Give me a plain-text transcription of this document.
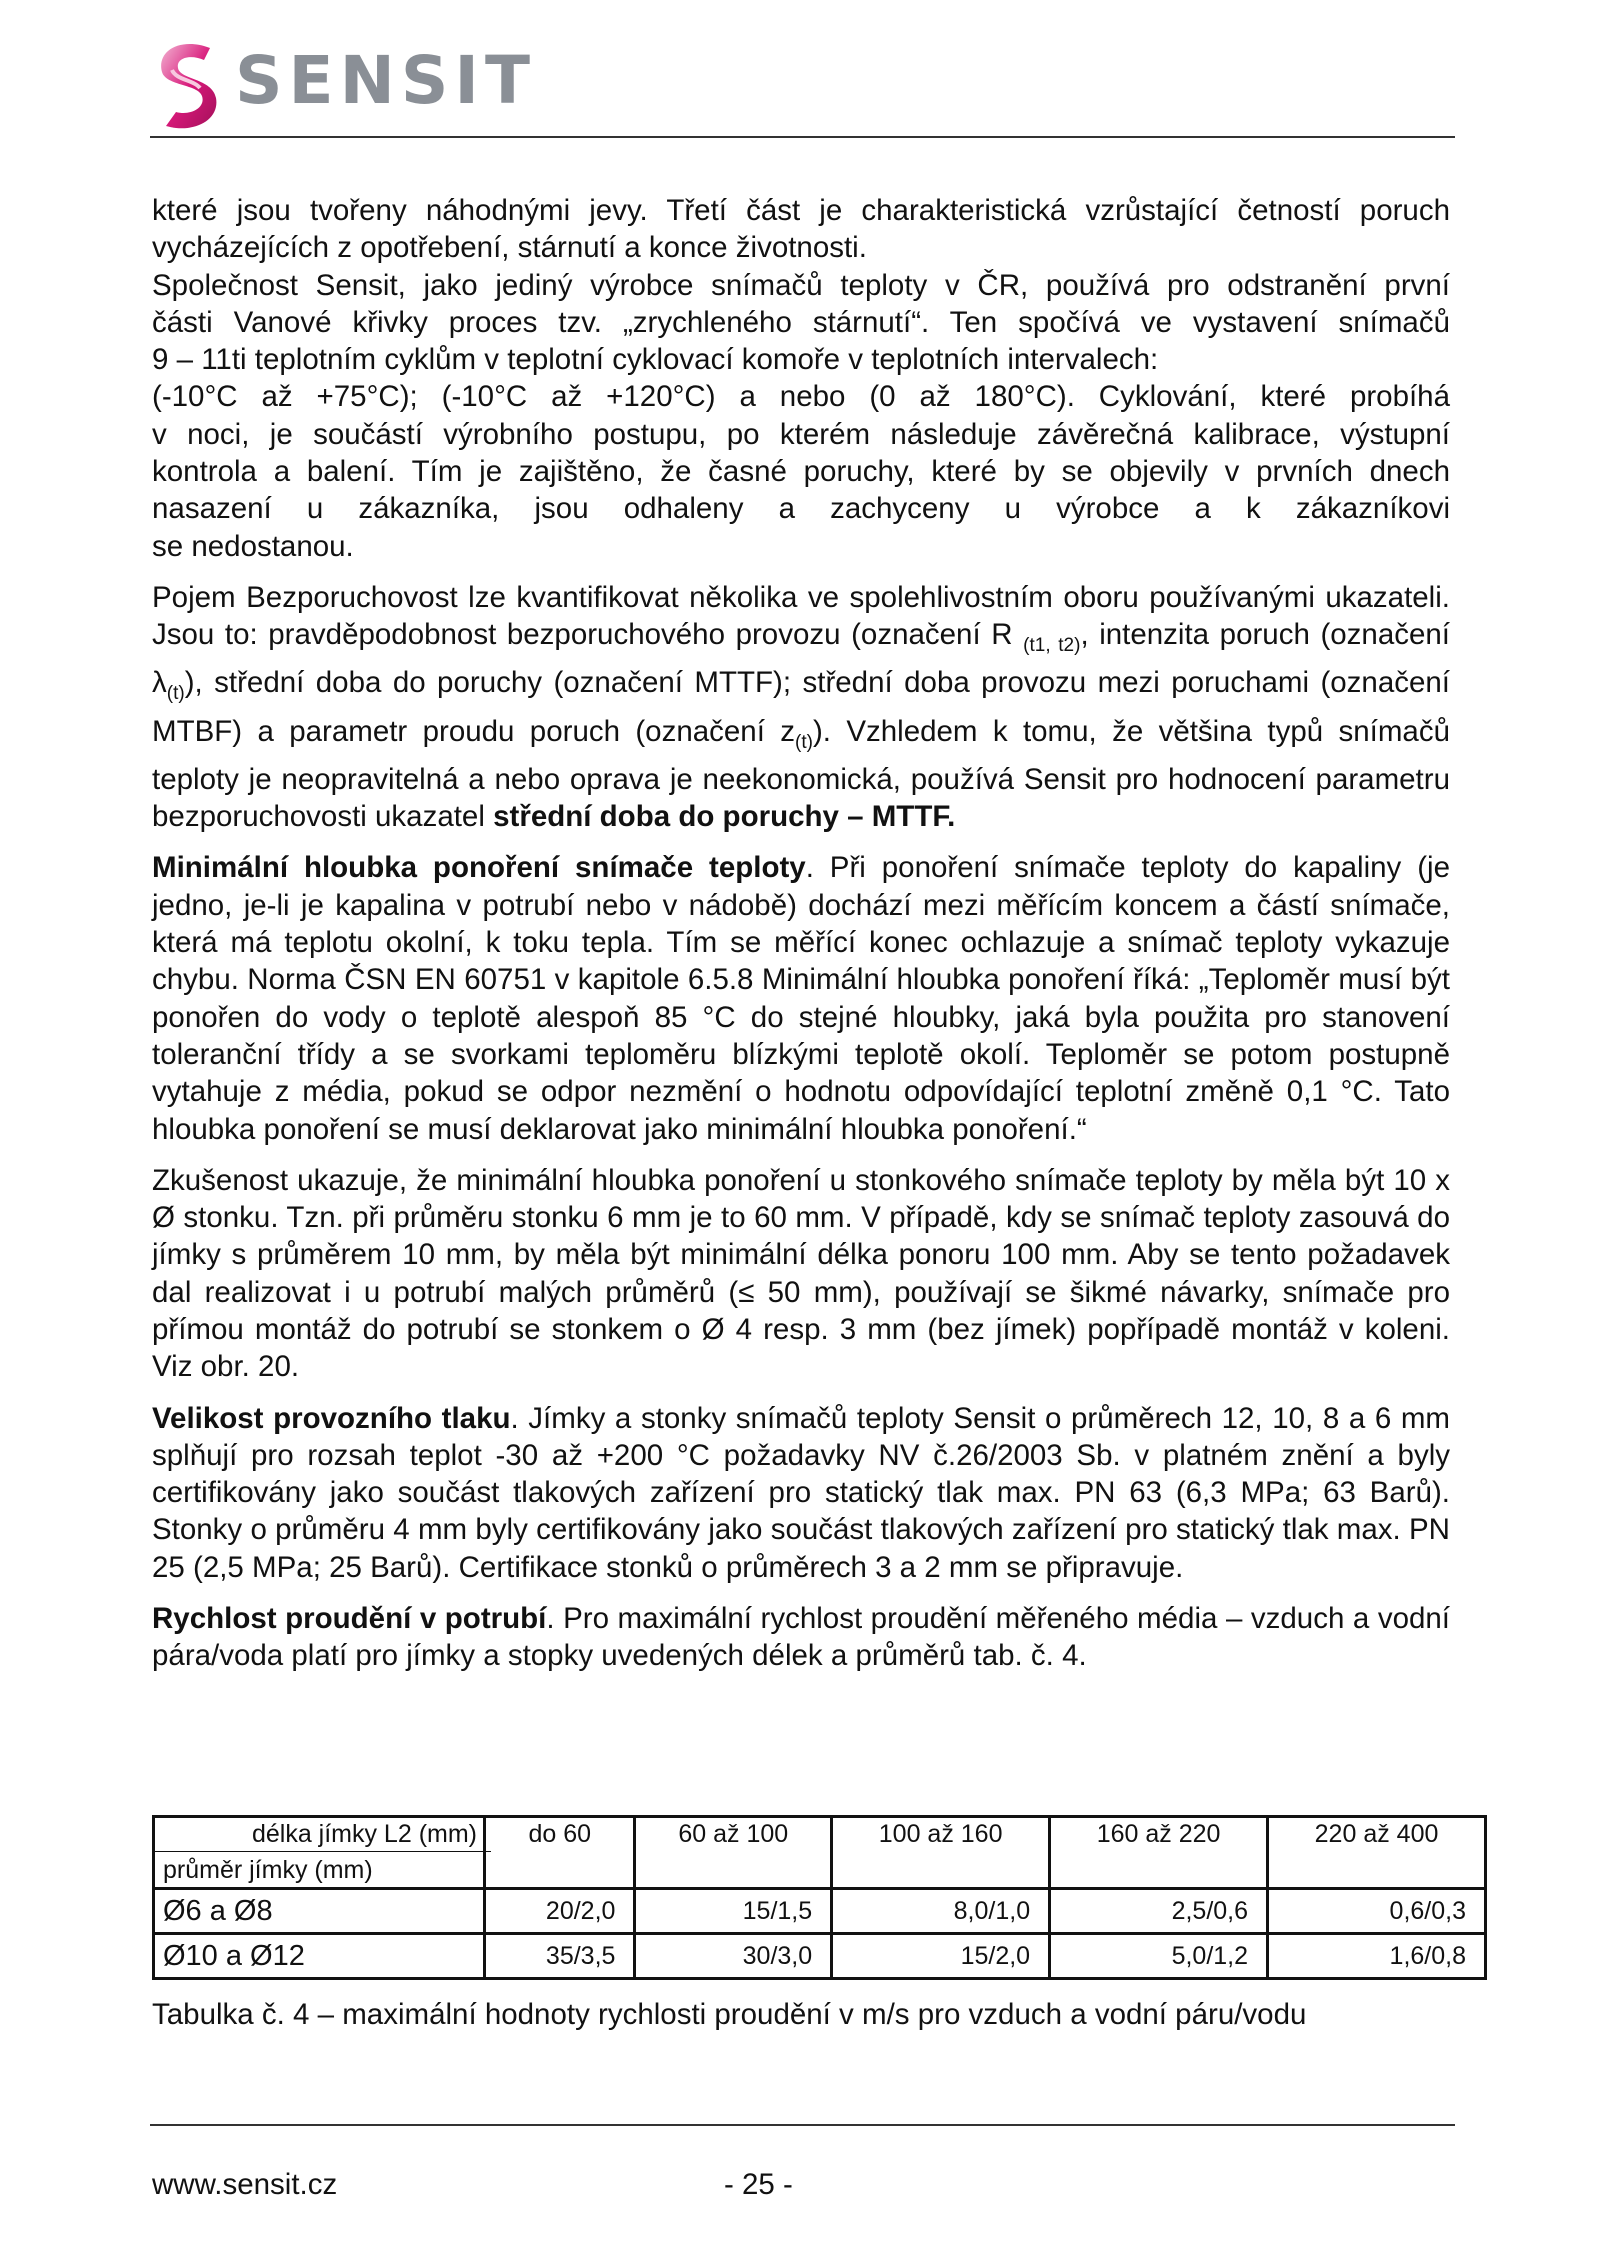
SENSIT

které jsou tvořeny náhodnými jevy. Třetí část je charakteristická vzrůstající četností poruch
vycházejících z opotřebení, stárnutí a konce životnosti.
Společnost Sensit, jako jediný výrobce snímačů teploty v ČR, používá pro odstranění první
části Vanové křivky proces tzv. „zrychleného stárnutí“. Ten spočívá ve vystavení snímačů
9 – 11ti teplotním cyklům v teplotní cyklovací komoře v teplotních intervalech:
(-10°C až +75°C); (-10°C až +120°C) a nebo (0 až 180°C). Cyklování, které probíhá
v noci, je součástí výrobního postupu, po kterém následuje závěrečná kalibrace, výstupní
kontrola a balení. Tím je zajištěno, že časné poruchy, které by se objevily v prvních dnech
nasazení u zákazníka, jsou odhaleny a zachyceny u výrobce a k zákazníkovi
se nedostanou.

Pojem Bezporuchovost lze kvantifikovat několika ve spolehlivostním oboru používanými ukazateli. Jsou to: pravděpodobnost bezporuchového provozu (označení R $_{(t1, t2)}$, intenzita poruch (označení $\lambda_{(t)}$), střední doba do poruchy (označení MTTF); střední doba provozu mezi poruchami (označení MTBF) a parametr proudu poruch (označení $z_{(t)}$). Vzhledem k tomu, že většina typů snímačů teploty je neopravitelná a nebo oprava je neekonomická, používá Sensit pro hodnocení parametru bezporuchovosti ukazatel střední doba do poruchy – MTTF.

Minimální hloubka ponoření snímače teploty. Při ponoření snímače teploty do kapaliny (je jedno, je-li je kapalina v potrubí nebo v nádobě) dochází mezi měřícím koncem a částí snímače, která má teplotu okolní, k toku tepla. Tím se měřící konec ochlazuje a snímač teploty vykazuje chybu. Norma ČSN EN 60751 v kapitole 6.5.8 Minimální hloubka ponoření říká: „Teploměr musí být ponořen do vody o teplotě alespoň 85 °C do stejné hloubky, jaká byla použita pro stanovení toleranční třídy a se svorkami teploměru blízkými teplotě okolí. Teploměr se potom postupně vytahuje z média, pokud se odpor nezmění o hodnotu odpovídající teplotní změně 0,1 °C. Tato hloubka ponoření se musí deklarovat jako minimální hloubka ponoření.“

Zkušenost ukazuje, že minimální hloubka ponoření u stonkového snímače teploty by měla být 10 x Ø stonku. Tzn. při průměru stonku 6 mm je to 60 mm. V případě, kdy se snímač teploty zasouvá do jímky s průměrem 10 mm, by měla být minimální délka ponoru 100 mm. Aby se tento požadavek dal realizovat i u potrubí malých průměrů (≤ 50 mm), používají se šikmé návarky, snímače pro přímou montáž do potrubí se stonkem o Ø 4 resp. 3 mm (bez jímek) popřípadě montáž v koleni. Viz obr. 20.

Velikost provozního tlaku. Jímky a stonky snímačů teploty Sensit o průměrech 12, 10, 8 a 6 mm splňují pro rozsah teplot -30 až +200 °C požadavky NV č.26/2003 Sb. v platném znění a byly certifikovány jako součást tlakových zařízení pro statický tlak max. PN 63 (6,3 MPa; 63 Barů). Stonky o průměru 4 mm byly certifikovány jako součást tlakových zařízení pro statický tlak max. PN 25 (2,5 MPa; 25 Barů). Certifikace stonků o průměrech 3 a 2 mm se připravuje.

Rychlost proudění v potrubí. Pro maximální rychlost proudění měřeného média – vzduch a vodní pára/voda platí pro jímky a stopky uvedených délek a průměrů tab. č. 4.

délka jímky L2 (mm)
průměr jímky (mm)	do 60	60 až 100	100 až 160	160 až 220	220 až 400
Ø6 a Ø8	20/2,0	15/1,5	8,0/1,0	2,5/0,6	0,6/0,3
Ø10 a Ø12	35/3,5	30/3,0	15/2,0	5,0/1,2	1,6/0,8
Tabulka č. 4 – maximální hodnoty rychlosti proudění v m/s pro vzduch a vodní páru/vodu
www.sensit.cz	- 25 -
